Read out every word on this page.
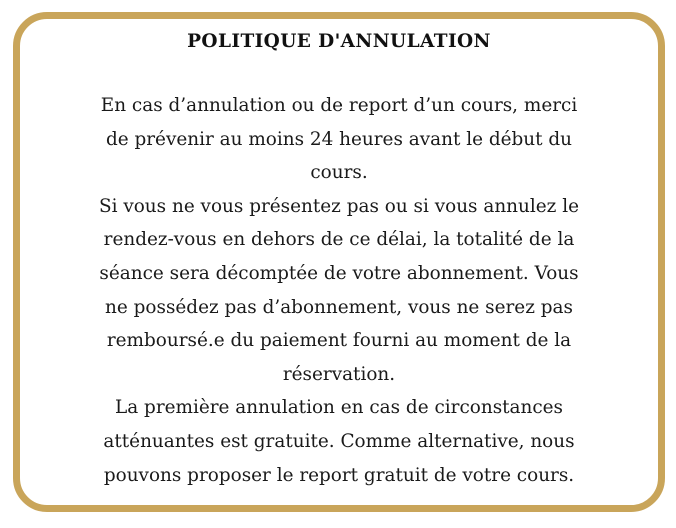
POLITIQUE D'ANNULATION
En cas d’annulation ou de report d’un cours, merci
de prévenir au moins 24 heures avant le début du
cours.
Si vous ne vous présentez pas ou si vous annulez le
rendez-vous en dehors de ce délai, la totalité de la
séance sera décomptée de votre abonnement. Vous
ne possédez pas d’abonnement, vous ne serez pas
remboursé.e du paiement fourni au moment de la
réservation.
La première annulation en cas de circonstances
atténuantes est gratuite. Comme alternative, nous
pouvons proposer le report gratuit de votre cours.
